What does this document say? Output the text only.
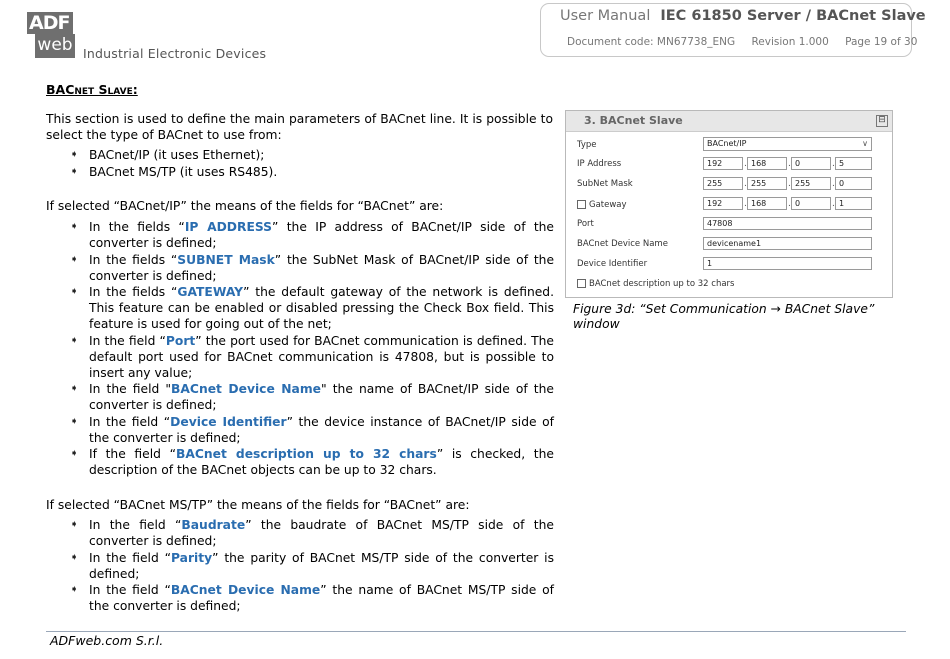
ADF
web Industrial Electronic Devices
User Manual IEC 61850 Server / BACnet Slave
Document code: MN67738_ENG Revision 1.000 Page 19 of 30
BACnet Slave:
This section is used to define the main parameters of BACnet line. It is possible to select the type of BACnet to use from:
➧ BACnet/IP (it uses Ethernet);
➧ BACnet MS/TP (it uses RS485).
If selected “BACnet/IP” the means of the fields for “BACnet” are:
➧ In the fields “IP ADDRESS” the IP address of BACnet/IP side of the converter is defined;
➧ In the fields “SUBNET Mask” the SubNet Mask of BACnet/IP side of the converter is defined;
➧ In the fields “GATEWAY” the default gateway of the network is defined. This feature can be enabled or disabled pressing the Check Box field. This feature is used for going out of the net;
➧ In the field “Port” the port used for BACnet communication is defined. The default port used for BACnet communication is 47808, but is possible to insert any value;
➧ In the field "BACnet Device Name" the name of BACnet/IP side of the converter is defined;
➧ In the field “Device Identifier” the device instance of BACnet/IP side of the converter is defined;
➧ If the field “BACnet description up to 32 chars” is checked, the description of the BACnet objects can be up to 32 chars.
If selected “BACnet MS/TP” the means of the fields for “BACnet” are:
➧ In the field “Baudrate” the baudrate of BACnet MS/TP side of the converter is defined;
➧ In the field “Parity” the parity of BACnet MS/TP side of the converter is defined;
➧ In the field “BACnet Device Name” the name of BACnet MS/TP side of the converter is defined;
3. BACnet Slave	⊟
Type	BACnet/IP	∨
IP Address	192	. 168	. 0	. 5
SubNet Mask	255	. 255	. 255	. 0
Gateway	192	. 168	. 0	. 1
Port	47808
BACnet Device Name	devicename1
Device Identifier	1
BACnet description up to 32 chars
Figure 3d: “Set Communication → BACnet Slave” window
ADFweb.com S.r.l.
